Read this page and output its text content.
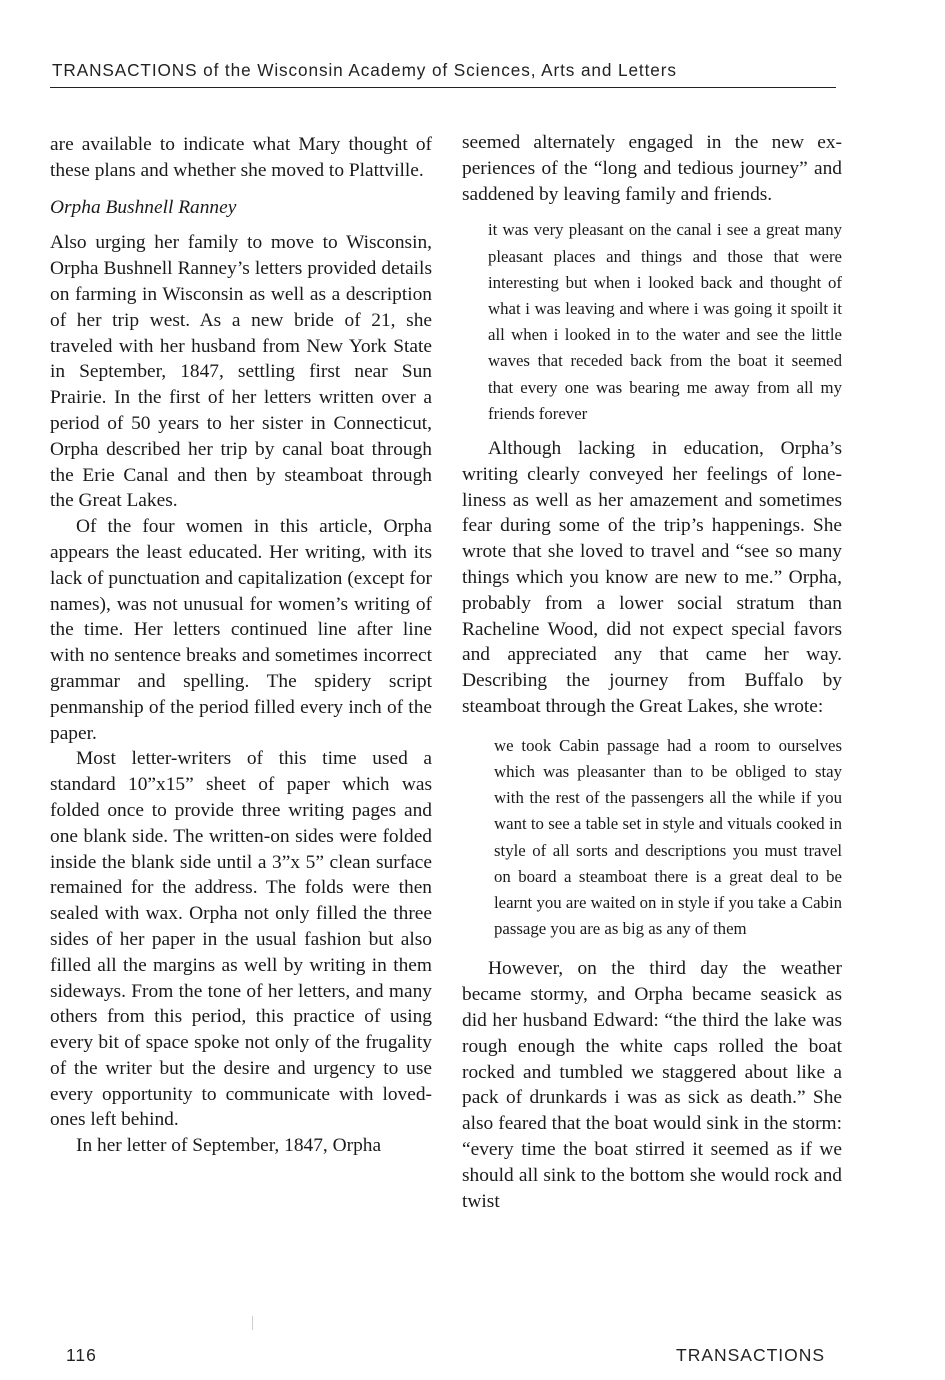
TRANSACTIONS of the Wisconsin Academy of Sciences, Arts and Letters

are available to indicate what Mary thought of these plans and whether she moved to Plattville.

Orpha Bushnell Ranney

Also urging her family to move to Wisconsin, Orpha Bushnell Ranney’s letters provided details on farming in Wisconsin as well as a description of her trip west. As a new bride of 21, she traveled with her husband from New York State in September, 1847, settling first near Sun Prairie. In the first of her letters written over a period of 50 years to her sister in Connecticut, Orpha described her trip by canal boat through the Erie Canal and then by steamboat through the Great Lakes.

Of the four women in this article, Orpha appears the least educated. Her writing, with its lack of punctuation and capitalization (except for names), was not unusual for women’s writing of the time. Her letters continued line after line with no sentence breaks and sometimes incorrect grammar and spelling. The spidery script penmanship of the period filled every inch of the paper.

Most letter-writers of this time used a standard 10”x15” sheet of paper which was folded once to provide three writing pages and one blank side. The written-on sides were folded inside the blank side until a 3”x 5” clean surface remained for the address. The folds were then sealed with wax. Orpha not only filled the three sides of her paper in the usual fashion but also filled all the margins as well by writing in them sideways. From the tone of her letters, and many others from this period, this practice of using every bit of space spoke not only of the frugality of the writer but the desire and urgency to use every opportunity to communicate with loved-ones left behind.

In her letter of September, 1847, Orpha

seemed alternately engaged in the new experiences of the “long and tedious journey” and saddened by leaving family and friends.

it was very pleasant on the canal i see a great many pleasant places and things and those that were interesting but when i looked back and thought of what i was leaving and where i was going it spoilt it all when i looked in to the water and see the little waves that receded back from the boat it seemed that every one was bearing me away from all my friends forever

Although lacking in education, Orpha’s writing clearly conveyed her feelings of loneliness as well as her amazement and sometimes fear during some of the trip’s happenings. She wrote that she loved to travel and “see so many things which you know are new to me.” Orpha, probably from a lower social stratum than Racheline Wood, did not expect special favors and appreciated any that came her way. Describing the journey from Buffalo by steamboat through the Great Lakes, she wrote:

we took Cabin passage had a room to ourselves which was pleasanter than to be obliged to stay with the rest of the passengers all the while if you want to see a table set in style and vituals cooked in style of all sorts and descriptions you must travel on board a steamboat there is a great deal to be learnt you are waited on in style if you take a Cabin passage you are as big as any of them

However, on the third day the weather became stormy, and Orpha became seasick as did her husband Edward: “the third the lake was rough enough the white caps rolled the boat rocked and tumbled we staggered about like a pack of drunkards i was as sick as death.” She also feared that the boat would sink in the storm: “every time the boat stirred it seemed as if we should all sink to the bottom she would rock and twist

116	TRANSACTIONS
